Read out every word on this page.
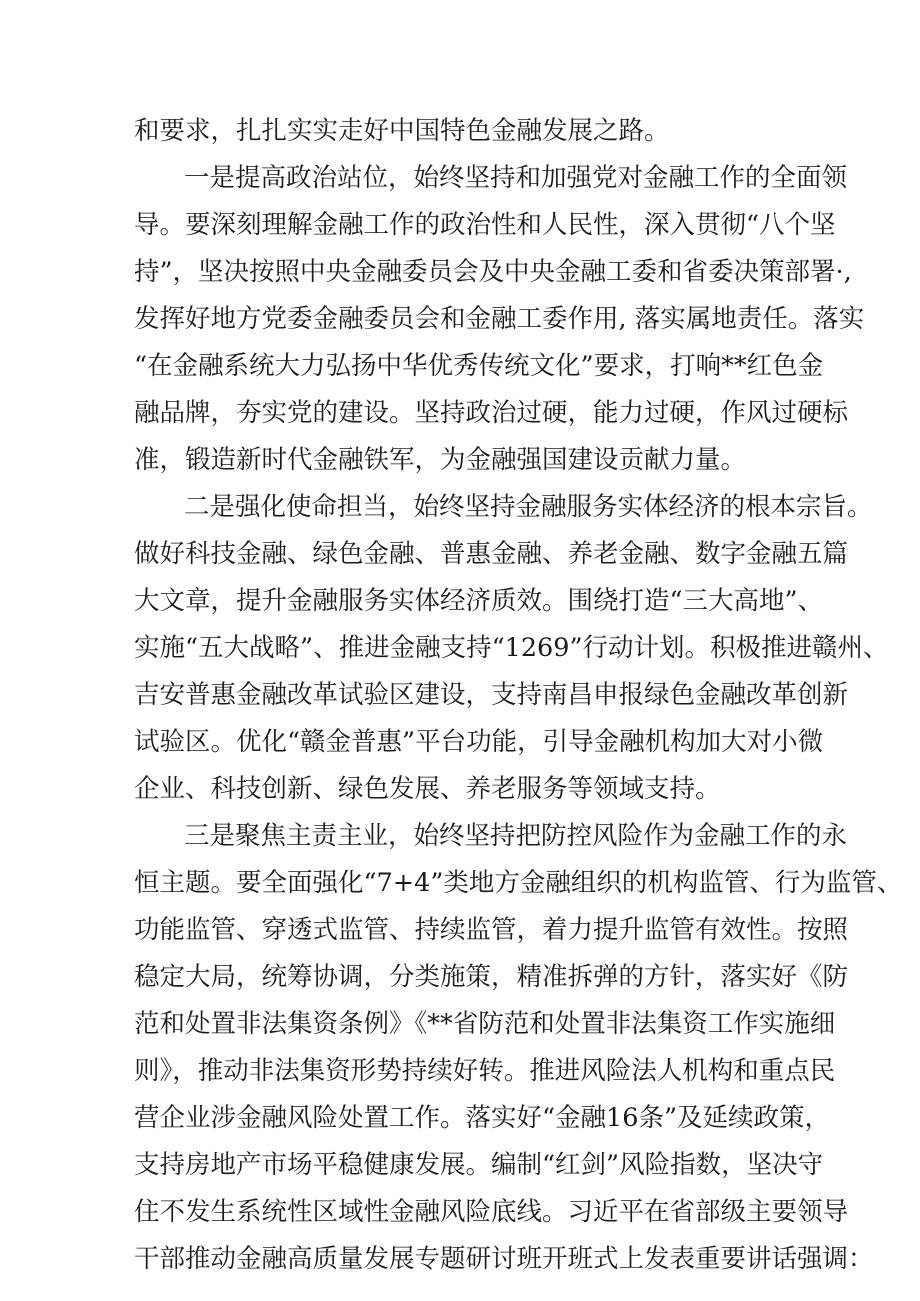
和要求，扎扎实实走好中国特色金融发展之路。
一是提高政治站位，始终坚持和加强党对金融工作的全面领
导。要深刻理解金融工作的政治性和人民性，深入贯彻“八个坚
持”，坚决按照中央金融委员会及中央金融工委和省委决策部署·,
发挥好地方党委金融委员会和金融工委作用, 落实属地责任。落实
“在金融系统大力弘扬中华优秀传统文化”要求，打响**红色金
融品牌，夯实党的建设。坚持政治过硬，能力过硬，作风过硬标
准，锻造新时代金融铁军，为金融强国建设贡献力量。
二是强化使命担当，始终坚持金融服务实体经济的根本宗旨。
做好科技金融、绿色金融、普惠金融、养老金融、数字金融五篇
大文章，提升金融服务实体经济质效。围绕打造“三大高地”、
实施“五大战略”、推进金融支持“1269”行动计划。积极推进赣州、
吉安普惠金融改革试验区建设，支持南昌申报绿色金融改革创新
试验区。优化“赣金普惠”平台功能，引导金融机构加大对小微
企业、科技创新、绿色发展、养老服务等领域支持。
三是聚焦主责主业，始终坚持把防控风险作为金融工作的永
恒主题。要全面强化“7+4”类地方金融组织的机构监管、行为监管、
功能监管、穿透式监管、持续监管，着力提升监管有效性。按照
稳定大局，统筹协调，分类施策，精准拆弹的方针，落实好《防
范和处置非法集资条例》《**省防范和处置非法集资工作实施细
则》，推动非法集资形势持续好转。推进风险法人机构和重点民
营企业涉金融风险处置工作。落实好“金融16条”及延续政策，
支持房地产市场平稳健康发展。编制“红剑”风险指数，坚决守
住不发生系统性区域性金融风险底线。习近平在省部级主要领导
干部推动金融高质量发展专题研讨班开班式上发表重要讲话强调：
